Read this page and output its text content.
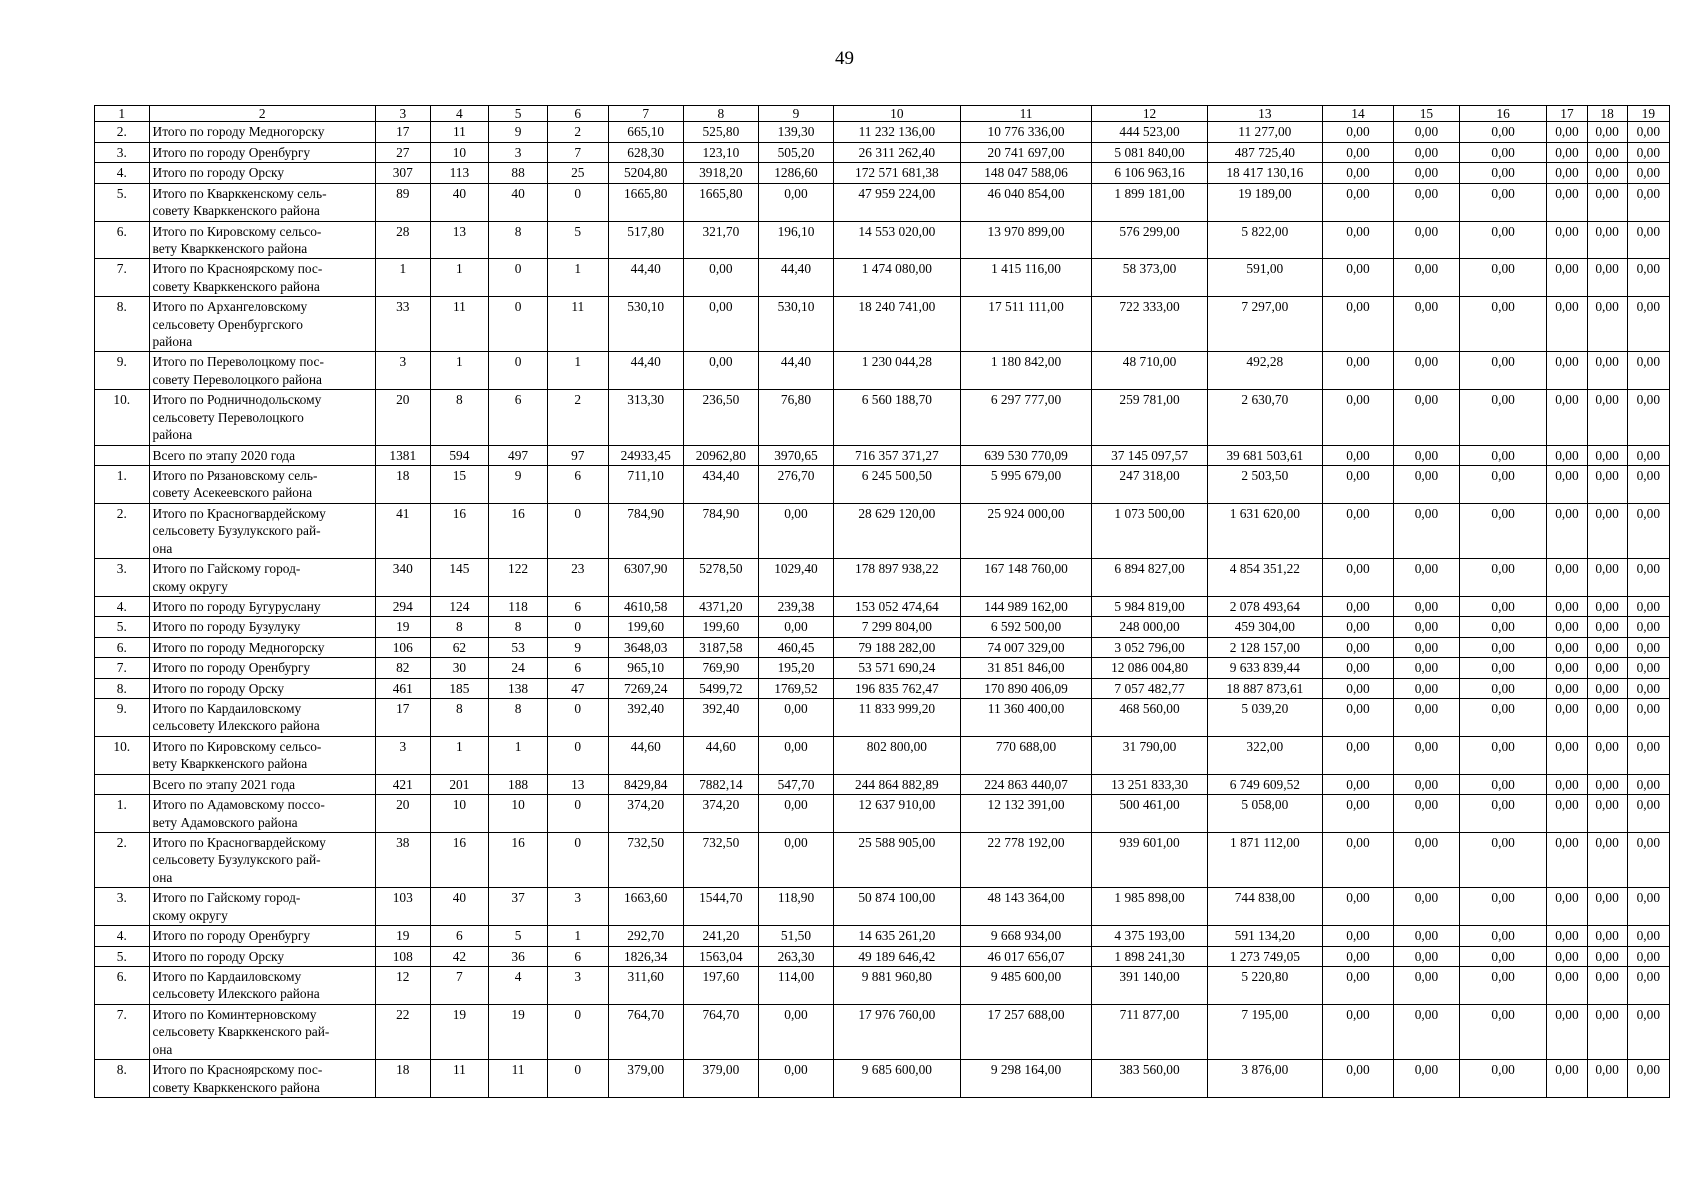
49
1	2	3	4	5	6	7	8	9	10	11	12	13	14	15	16	17	18	19
2.	Итого по городу Медногорску	17	11	9	2	665,10	525,80	139,30	11 232 136,00	10 776 336,00	444 523,00	11 277,00	0,00	0,00	0,00	0,00	0,00	0,00
3.	Итого по городу Оренбургу	27	10	3	7	628,30	123,10	505,20	26 311 262,40	20 741 697,00	5 081 840,00	487 725,40	0,00	0,00	0,00	0,00	0,00	0,00
4.	Итого по городу Орску	307	113	88	25	5204,80	3918,20	1286,60	172 571 681,38	148 047 588,06	6 106 963,16	18 417 130,16	0,00	0,00	0,00	0,00	0,00	0,00
5.	Итого по Кварккенскому сель-
совету Кварккенского района	89	40	40	0	1665,80	1665,80	0,00	47 959 224,00	46 040 854,00	1 899 181,00	19 189,00	0,00	0,00	0,00	0,00	0,00	0,00
6.	Итого по Кировскому сельсо-
вету Кварккенского района	28	13	8	5	517,80	321,70	196,10	14 553 020,00	13 970 899,00	576 299,00	5 822,00	0,00	0,00	0,00	0,00	0,00	0,00
7.	Итого по Красноярскому пос-
совету Кварккенского района	1	1	0	1	44,40	0,00	44,40	1 474 080,00	1 415 116,00	58 373,00	591,00	0,00	0,00	0,00	0,00	0,00	0,00
8.	Итого по Архангеловскому
сельсовету Оренбургского
района	33	11	0	11	530,10	0,00	530,10	18 240 741,00	17 511 111,00	722 333,00	7 297,00	0,00	0,00	0,00	0,00	0,00	0,00
9.	Итого по Переволоцкому пос-
совету Переволоцкого района	3	1	0	1	44,40	0,00	44,40	1 230 044,28	1 180 842,00	48 710,00	492,28	0,00	0,00	0,00	0,00	0,00	0,00
10.	Итого по Родничнодольскому
сельсовету Переволоцкого
района	20	8	6	2	313,30	236,50	76,80	6 560 188,70	6 297 777,00	259 781,00	2 630,70	0,00	0,00	0,00	0,00	0,00	0,00
	Всего по этапу 2020 года	1381	594	497	97	24933,45	20962,80	3970,65	716 357 371,27	639 530 770,09	37 145 097,57	39 681 503,61	0,00	0,00	0,00	0,00	0,00	0,00
1.	Итого по Рязановскому сель-
совету Асекеевского района	18	15	9	6	711,10	434,40	276,70	6 245 500,50	5 995 679,00	247 318,00	2 503,50	0,00	0,00	0,00	0,00	0,00	0,00
2.	Итого по Красногвардейскому
сельсовету Бузулукского рай-
она	41	16	16	0	784,90	784,90	0,00	28 629 120,00	25 924 000,00	1 073 500,00	1 631 620,00	0,00	0,00	0,00	0,00	0,00	0,00
3.	Итого по Гайскому город-
скому округу	340	145	122	23	6307,90	5278,50	1029,40	178 897 938,22	167 148 760,00	6 894 827,00	4 854 351,22	0,00	0,00	0,00	0,00	0,00	0,00
4.	Итого по городу Бугуруслану	294	124	118	6	4610,58	4371,20	239,38	153 052 474,64	144 989 162,00	5 984 819,00	2 078 493,64	0,00	0,00	0,00	0,00	0,00	0,00
5.	Итого по городу Бузулуку	19	8	8	0	199,60	199,60	0,00	7 299 804,00	6 592 500,00	248 000,00	459 304,00	0,00	0,00	0,00	0,00	0,00	0,00
6.	Итого по городу Медногорску	106	62	53	9	3648,03	3187,58	460,45	79 188 282,00	74 007 329,00	3 052 796,00	2 128 157,00	0,00	0,00	0,00	0,00	0,00	0,00
7.	Итого по городу Оренбургу	82	30	24	6	965,10	769,90	195,20	53 571 690,24	31 851 846,00	12 086 004,80	9 633 839,44	0,00	0,00	0,00	0,00	0,00	0,00
8.	Итого по городу Орску	461	185	138	47	7269,24	5499,72	1769,52	196 835 762,47	170 890 406,09	7 057 482,77	18 887 873,61	0,00	0,00	0,00	0,00	0,00	0,00
9.	Итого по Кардаиловскому
сельсовету Илекского района	17	8	8	0	392,40	392,40	0,00	11 833 999,20	11 360 400,00	468 560,00	5 039,20	0,00	0,00	0,00	0,00	0,00	0,00
10.	Итого по Кировскому сельсо-
вету Кварккенского района	3	1	1	0	44,60	44,60	0,00	802 800,00	770 688,00	31 790,00	322,00	0,00	0,00	0,00	0,00	0,00	0,00
	Всего по этапу 2021 года	421	201	188	13	8429,84	7882,14	547,70	244 864 882,89	224 863 440,07	13 251 833,30	6 749 609,52	0,00	0,00	0,00	0,00	0,00	0,00
1.	Итого по Адамовскому поссо-
вету Адамовского района	20	10	10	0	374,20	374,20	0,00	12 637 910,00	12 132 391,00	500 461,00	5 058,00	0,00	0,00	0,00	0,00	0,00	0,00
2.	Итого по Красногвардейскому
сельсовету Бузулукского рай-
она	38	16	16	0	732,50	732,50	0,00	25 588 905,00	22 778 192,00	939 601,00	1 871 112,00	0,00	0,00	0,00	0,00	0,00	0,00
3.	Итого по Гайскому город-
скому округу	103	40	37	3	1663,60	1544,70	118,90	50 874 100,00	48 143 364,00	1 985 898,00	744 838,00	0,00	0,00	0,00	0,00	0,00	0,00
4.	Итого по городу Оренбургу	19	6	5	1	292,70	241,20	51,50	14 635 261,20	9 668 934,00	4 375 193,00	591 134,20	0,00	0,00	0,00	0,00	0,00	0,00
5.	Итого по городу Орску	108	42	36	6	1826,34	1563,04	263,30	49 189 646,42	46 017 656,07	1 898 241,30	1 273 749,05	0,00	0,00	0,00	0,00	0,00	0,00
6.	Итого по Кардаиловскому
сельсовету Илекского района	12	7	4	3	311,60	197,60	114,00	9 881 960,80	9 485 600,00	391 140,00	5 220,80	0,00	0,00	0,00	0,00	0,00	0,00
7.	Итого по Коминтерновскому
сельсовету Кварккенского рай-
она	22	19	19	0	764,70	764,70	0,00	17 976 760,00	17 257 688,00	711 877,00	7 195,00	0,00	0,00	0,00	0,00	0,00	0,00
8.	Итого по Красноярскому пос-
совету Кварккенского района	18	11	11	0	379,00	379,00	0,00	9 685 600,00	9 298 164,00	383 560,00	3 876,00	0,00	0,00	0,00	0,00	0,00	0,00
